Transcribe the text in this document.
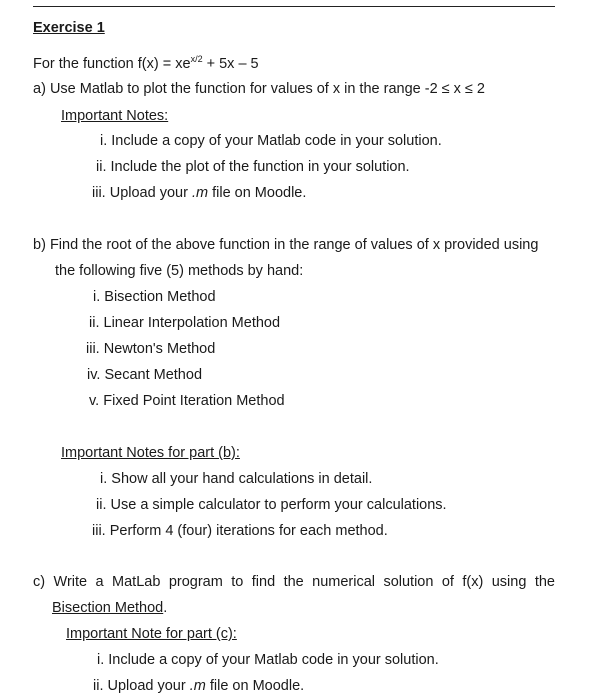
Exercise 1
For the function $f(x) = xe^{x/2} + 5x - 5$
a) Use Matlab to plot the function for values of x in the range -2 ≤ x ≤ 2
Important Notes:
i. Include a copy of your Matlab code in your solution.
ii. Include the plot of the function in your solution.
iii. Upload your .m file on Moodle.
b) Find the root of the above function in the range of values of x provided using
the following five (5) methods by hand:
i. Bisection Method
ii. Linear Interpolation Method
iii. Newton's Method
iv. Secant Method
v. Fixed Point Iteration Method
Important Notes for part (b):
i. Show all your hand calculations in detail.
ii. Use a simple calculator to perform your calculations.
iii. Perform 4 (four) iterations for each method.
c) Write a MatLab program to find the numerical solution of f(x) using the
Bisection Method.
Important Note for part (c):
i. Include a copy of your Matlab code in your solution.
ii. Upload your .m file on Moodle.
